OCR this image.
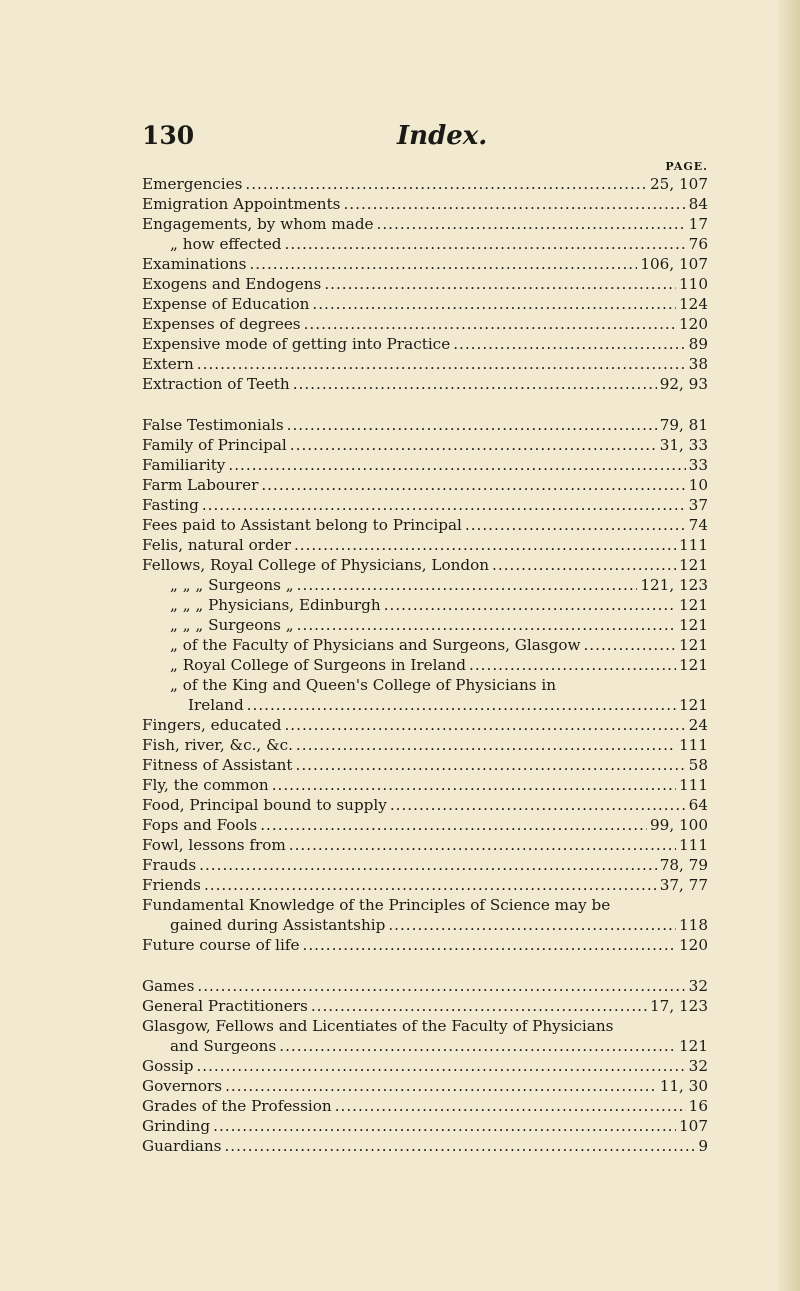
130	Index.
PAGE.
Emergencies .....	25, 107
Emigration Appointments .....	84
Engagements, by whom made .....	17
„ how effected .....	76
Examinations .....	106, 107
Exogens and Endogens .....	110
Expense of Education .....	124
Expenses of degrees .....	120
Expensive mode of getting into Practice .....	89
Extern .....	38
Extraction of Teeth .....	92, 93
False Testimonials .....	79, 81
Family of Principal .....	31, 33
Familiarity .....	33
Farm Labourer .....	10
Fasting .....	37
Fees paid to Assistant belong to Principal .....	74
Felis, natural order .....	111
Fellows, Royal College of Physicians, London .....	121
„ „ „ Surgeons „ .....	121, 123
„ „ „ Physicians, Edinburgh .....	121
„ „ „ Surgeons „ .....	121
„ of the Faculty of Physicians and Surgeons, Glasgow .....	121
„ Royal College of Surgeons in Ireland .....	121
„ of the King and Queen's College of Physicians in
Ireland .....	121
Fingers, educated .....	24
Fish, river, &c., &c. .....	111
Fitness of Assistant .....	58
Fly, the common .....	111
Food, Principal bound to supply .....	64
Fops and Fools .....	99, 100
Fowl, lessons from .....	111
Frauds .....	78, 79
Friends .....	37, 77
Fundamental Knowledge of the Principles of Science may be
gained during Assistantship .....	118
Future course of life .....	120
Games .....	32
General Practitioners .....	17, 123
Glasgow, Fellows and Licentiates of the Faculty of Physicians
and Surgeons .....	121
Gossip .....	32
Governors .....	11, 30
Grades of the Profession .....	16
Grinding .....	107
Guardians .....	9
